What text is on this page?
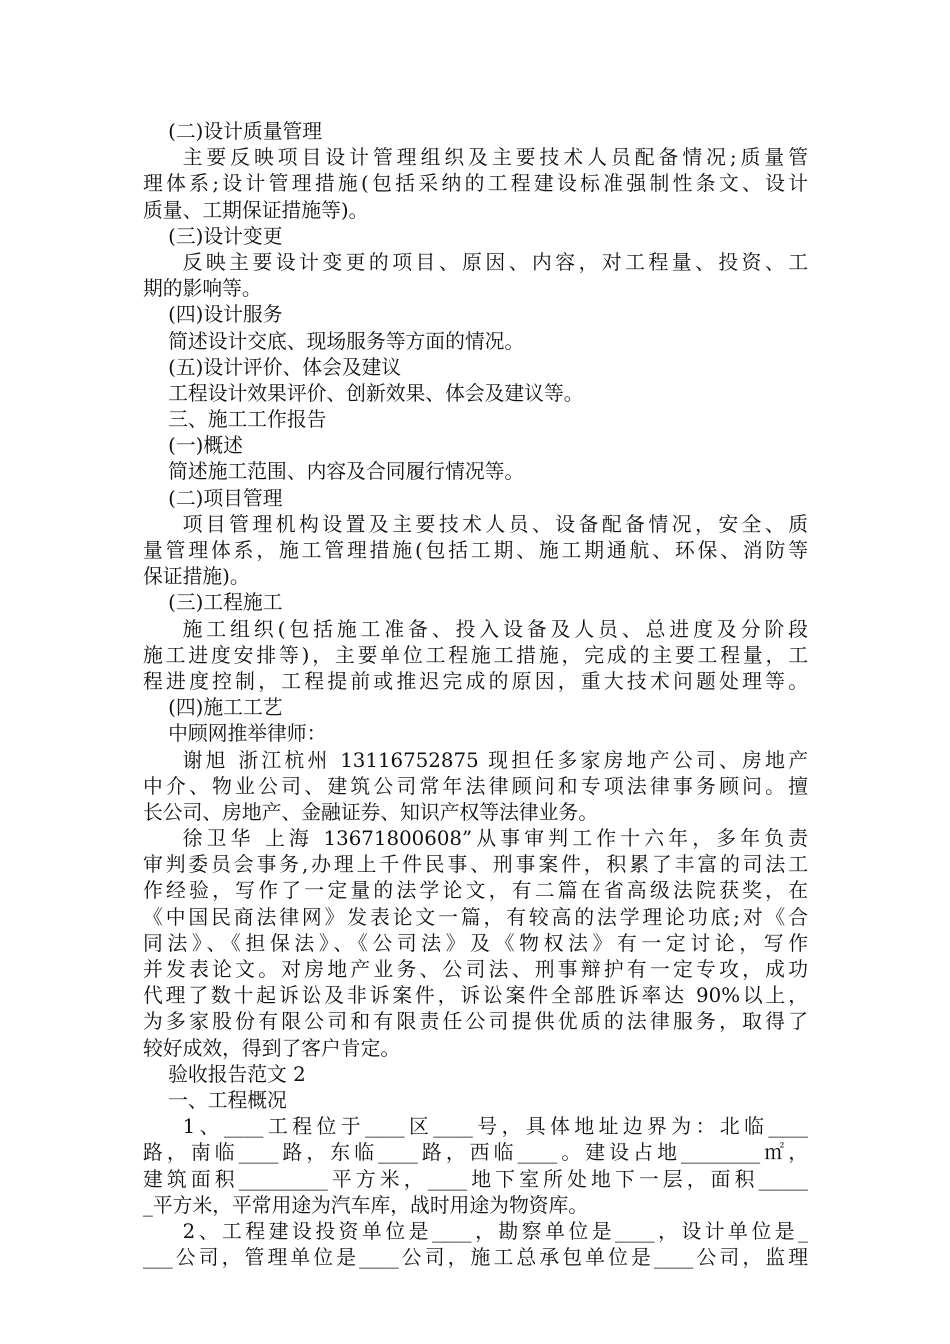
(二)设计质量管理

主要反映项目设计管理组织及主要技术人员配备情况;质量管

理体系;设计管理措施(包括采纳的工程建设标准强制性条文、设计

质量、工期保证措施等)。

(三)设计变更

反映主要设计变更的项目、原因、内容，对工程量、投资、工

期的影响等。

(四)设计服务

简述设计交底、现场服务等方面的情况。

(五)设计评价、体会及建议

工程设计效果评价、创新效果、体会及建议等。

三、施工工作报告

(一)概述

简述施工范围、内容及合同履行情况等。

(二)项目管理

项目管理机构设置及主要技术人员、设备配备情况，安全、质

量管理体系，施工管理措施(包括工期、施工期通航、环保、消防等

保证措施)。

(三)工程施工

施工组织(包括施工准备、投入设备及人员、总进度及分阶段

施工进度安排等)，主要单位工程施工措施，完成的主要工程量，工

程进度控制，工程提前或推迟完成的原因，重大技术问题处理等。

(四)施工工艺

中顾网推举律师：

谢旭 浙江杭州 13116752875 现担任多家房地产公司、房地产

中介、物业公司、建筑公司常年法律顾问和专项法律事务顾问。擅

长公司、房地产、金融证券、知识产权等法律业务。

徐卫华 上海 13671800608”从事审判工作十六年，多年负责

审判委员会事务,办理上千件民事、刑事案件，积累了丰富的司法工

作经验，写作了一定量的法学论文，有二篇在省高级法院获奖，在

《中国民商法律网》发表论文一篇，有较高的法学理论功底;对《合

同法》、《担保法》、《公司法》及《物权法》有一定讨论，写作

并发表论文。对房地产业务、公司法、刑事辩护有一定专攻，成功

代理了数十起诉讼及非诉案件，诉讼案件全部胜诉率达 90%以上，

为多家股份有限公司和有限责任公司提供优质的法律服务，取得了

较好成效，得到了客户肯定。

验收报告范文 2

一、工程概况

1、____工程位于____区____号，具体地址边界为：北临____

路，南临____路，东临____路，西临____。建设占地________㎡，

建筑面积_________平方米，____地下室所处地下一层，面积_____

_平方米，平常用途为汽车库，战时用途为物资库。

2、工程建设投资单位是____，勘察单位是____，设计单位是_

___公司，管理单位是____公司，施工总承包单位是____公司，监理
